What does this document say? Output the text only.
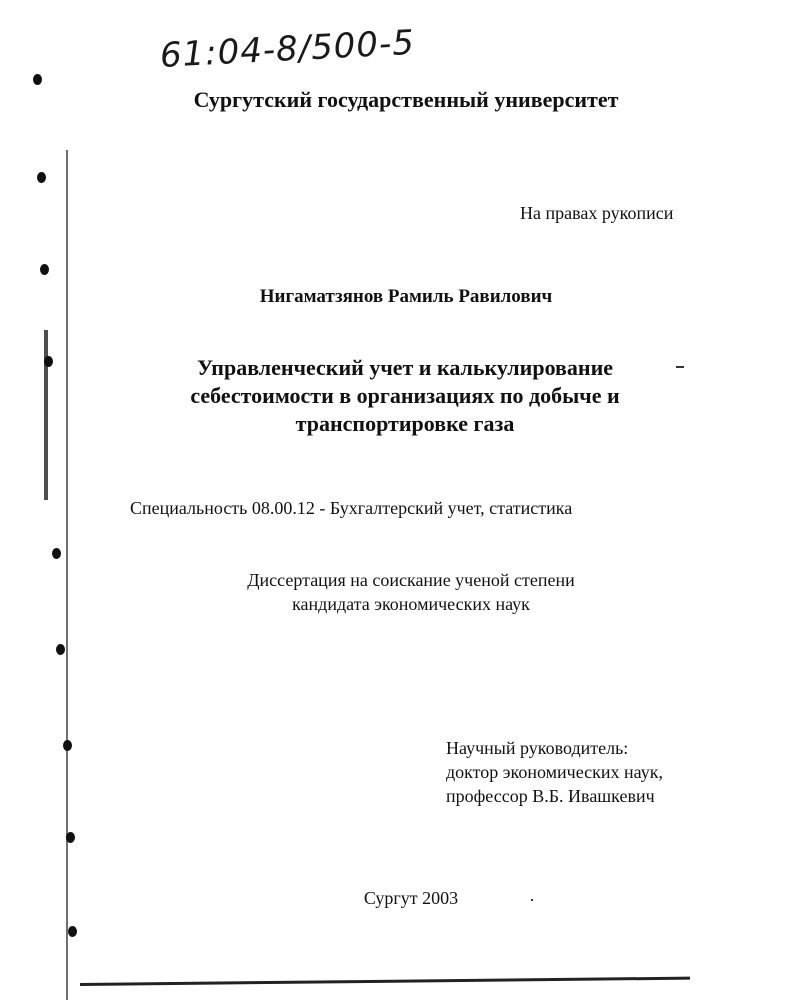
61:04-8/500-5
Сургутский государственный университет
На правах рукописи
Нигаматзянов Рамиль Равилович
Управленческий учет и калькулирование
себестоимости в организациях по добыче и
транспортировке газа
Специальность 08.00.12 - Бухгалтерский учет, статистика
Диссертация на соискание ученой степени
кандидата экономических наук
Научный руководитель:
доктор экономических наук,
профессор В.Б. Ивашкевич
Сургут 2003
